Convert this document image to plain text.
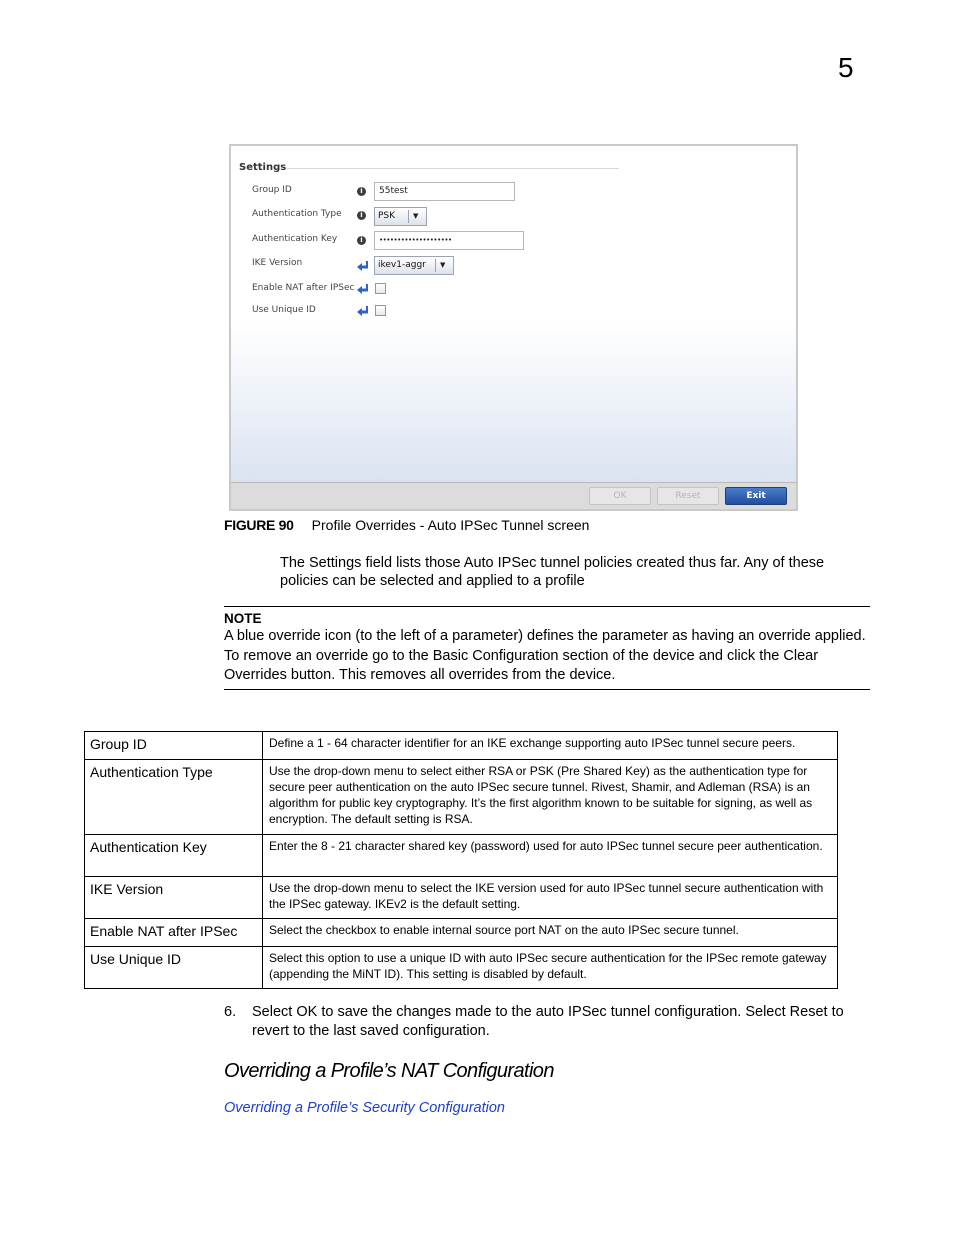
5
Settings
Group ID	i	55test
Authentication Type	i	PSK	▼
Authentication Key	i	••••••••••••••••••••
IKE Version	ikev1-aggr ▼
Enable NAT after IPSec
Use Unique ID
OK	Reset	Exit
FIGURE 90 Profile Overrides - Auto IPSec Tunnel screen
The Settings field lists those Auto IPSec tunnel policies created thus far. Any of these policies can be selected and applied to a profile
NOTE
A blue override icon (to the left of a parameter) defines the parameter as having an override applied. To remove an override go to the Basic Configuration section of the device and click the Clear Overrides button. This removes all overrides from the device.
Group ID	Define a 1 - 64 character identifier for an IKE exchange supporting auto IPSec tunnel secure peers.
Authentication Type	Use the drop-down menu to select either RSA or PSK (Pre Shared Key) as the authentication type for secure peer authentication on the auto IPSec secure tunnel. Rivest, Shamir, and Adleman (RSA) is an algorithm for public key cryptography. It’s the first algorithm known to be suitable for signing, as well as encryption. The default setting is RSA.
Authentication Key	Enter the 8 - 21 character shared key (password) used for auto IPSec tunnel secure peer authentication.
IKE Version	Use the drop-down menu to select the IKE version used for auto IPSec tunnel secure authentication with the IPSec gateway. IKEv2 is the default setting.
Enable NAT after IPSec	Select the checkbox to enable internal source port NAT on the auto IPSec secure tunnel.
Use Unique ID	Select this option to use a unique ID with auto IPSec secure authentication for the IPSec remote gateway (appending the MiNT ID). This setting is disabled by default.
6. Select OK to save the changes made to the auto IPSec tunnel configuration. Select Reset to revert to the last saved configuration.
Overriding a Profile’s NAT Configuration
Overriding a Profile’s Security Configuration
